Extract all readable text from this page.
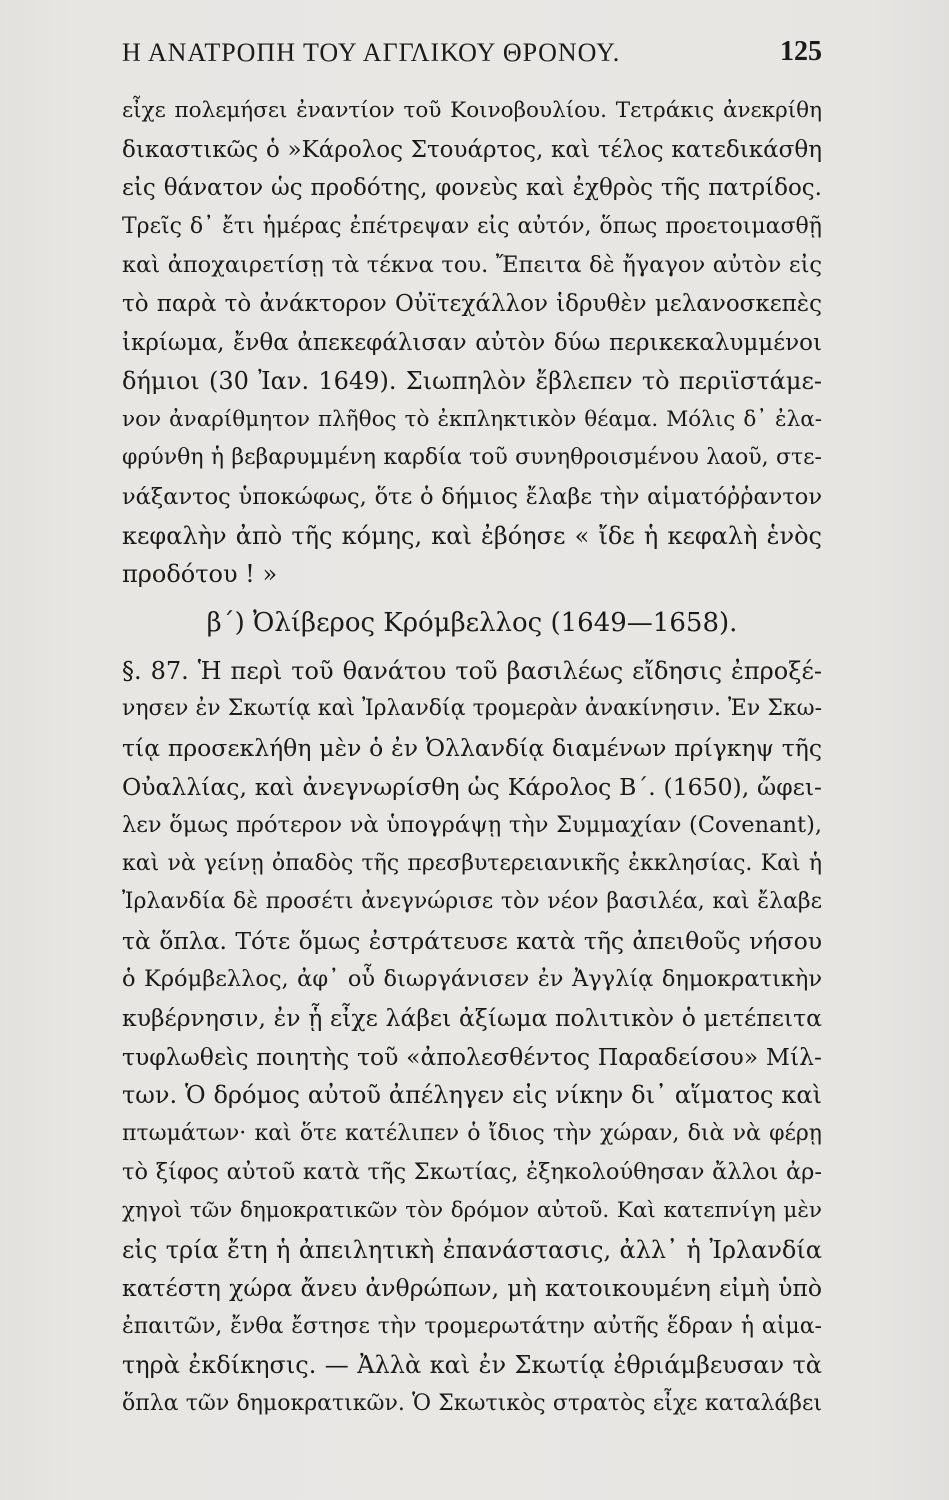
Η ΑΝΑΤΡΟΠΗ ΤΟΥ ΑΓΓΛΙΚΟΥ ΘΡΟΝΟΥ.	125
εἶχε πολεμήσει ἐναντίον τοῦ Κοινοβουλίου. Τετράκις ἀνεκρίθη
δικαστικῶς ὁ »Κάρολος Στουάρτος, καὶ τέλος κατεδικάσθη
εἰς θάνατον ὡς προδότης, φονεὺς καὶ ἐχθρὸς τῆς πατρίδος.
Τρεῖς δ᾽ ἔτι ἡμέρας ἐπέτρεψαν εἰς αὐτόν, ὅπως προετοιμασθῇ
καὶ ἀποχαιρετίσῃ τὰ τέκνα του. Ἔπειτα δὲ ἤγαγον αὐτὸν εἰς
τὸ παρὰ τὸ ἀνάκτορον Οὐϊτεχάλλον ἱδρυθὲν μελανοσκεπὲς
ἰκρίωμα, ἔνθα ἀπεκεφάλισαν αὐτὸν δύω περικεκαλυμμένοι
δήμιοι (30 Ἰαν. 1649). Σιωπηλὸν ἔβλεπεν τὸ περιϊστάμε-
νον ἀναρίθμητον πλῆθος τὸ ἐκπληκτικὸν θέαμα. Μόλις δ᾽ ἐλα-
φρύνθη ἡ βεβαρυμμένη καρδία τοῦ συνηθροισμένου λαοῦ, στε-
νάξαντος ὑποκώφως, ὅτε ὁ δήμιος ἔλαβε τὴν αἱματόῤῥαντον
κεφαλὴν ἀπὸ τῆς κόμης, καὶ ἐβόησε « ἴδε ἡ κεφαλὴ ἑνὸς
προδότου ! »
β΄) Ὀλίβερος Κρόμβελλος (1649—1658).
§. 87. Ἡ περὶ τοῦ θανάτου τοῦ βασιλέως εἴδησις ἐπροξέ-
νησεν ἐν Σκωτίᾳ καὶ Ἰρλανδίᾳ τρομερὰν ἀνακίνησιν. Ἐν Σκω-
τίᾳ προσεκλήθη μὲν ὁ ἐν Ὀλλανδίᾳ διαμένων πρίγκηψ τῆς
Οὐαλλίας, καὶ ἀνεγνωρίσθη ὡς Κάρολος Β΄. (1650), ὤφει-
λεν ὅμως πρότερον νὰ ὑπογράψῃ τὴν Συμμαχίαν (Covenant),
καὶ νὰ γείνῃ ὀπαδὸς τῆς πρεσβυτερειανικῆς ἐκκλησίας. Καὶ ἡ
Ἰρλανδία δὲ προσέτι ἀνεγνώρισε τὸν νέον βασιλέα, καὶ ἔλαβε
τὰ ὅπλα. Τότε ὅμως ἐστράτευσε κατὰ τῆς ἀπειθοῦς νήσου
ὁ Κρόμβελλος, ἀφ᾽ οὗ διωργάνισεν ἐν Ἀγγλίᾳ δημοκρατικὴν
κυβέρνησιν, ἐν ᾗ εἶχε λάβει ἀξίωμα πολιτικὸν ὁ μετέπειτα
τυφλωθεὶς ποιητὴς τοῦ «ἀπολεσθέντος Παραδείσου» Μίλ-
των. Ὁ δρόμος αὐτοῦ ἀπέληγεν εἰς νίκην δι᾽ αἵματος καὶ
πτωμάτων· καὶ ὅτε κατέλιπεν ὁ ἴδιος τὴν χώραν, διὰ νὰ φέρῃ
τὸ ξίφος αὐτοῦ κατὰ τῆς Σκωτίας, ἐξηκολούθησαν ἄλλοι ἀρ-
χηγοὶ τῶν δημοκρατικῶν τὸν δρόμον αὐτοῦ. Καὶ κατεπνίγη μὲν
εἰς τρία ἔτη ἡ ἀπειλητικὴ ἐπανάστασις, ἀλλ᾽ ἡ Ἰρλανδία
κατέστη χώρα ἄνευ ἀνθρώπων, μὴ κατοικουμένη εἰμὴ ὑπὸ
ἐπαιτῶν, ἔνθα ἔστησε τὴν τρομερωτάτην αὐτῆς ἕδραν ἡ αἱμα-
τηρὰ ἐκδίκησις. — Ἀλλὰ καὶ ἐν Σκωτίᾳ ἐθριάμβευσαν τὰ
ὅπλα τῶν δημοκρατικῶν. Ὁ Σκωτικὸς στρατὸς εἶχε καταλάβει
